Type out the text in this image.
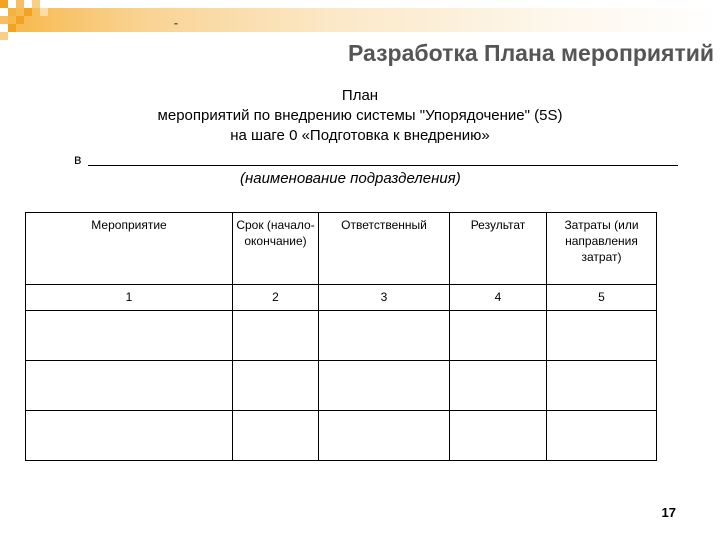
-
Разработка Плана мероприятий
План
мероприятий по внедрению системы "Упорядочение" (5S)
на шаге 0 «Подготовка к внедрению»
в
(наименование подразделения)
Мероприятие	Срок (начало-окончание)	Ответственный	Результат	Затраты (или направления затрат)
1	2	3	4	5

17
